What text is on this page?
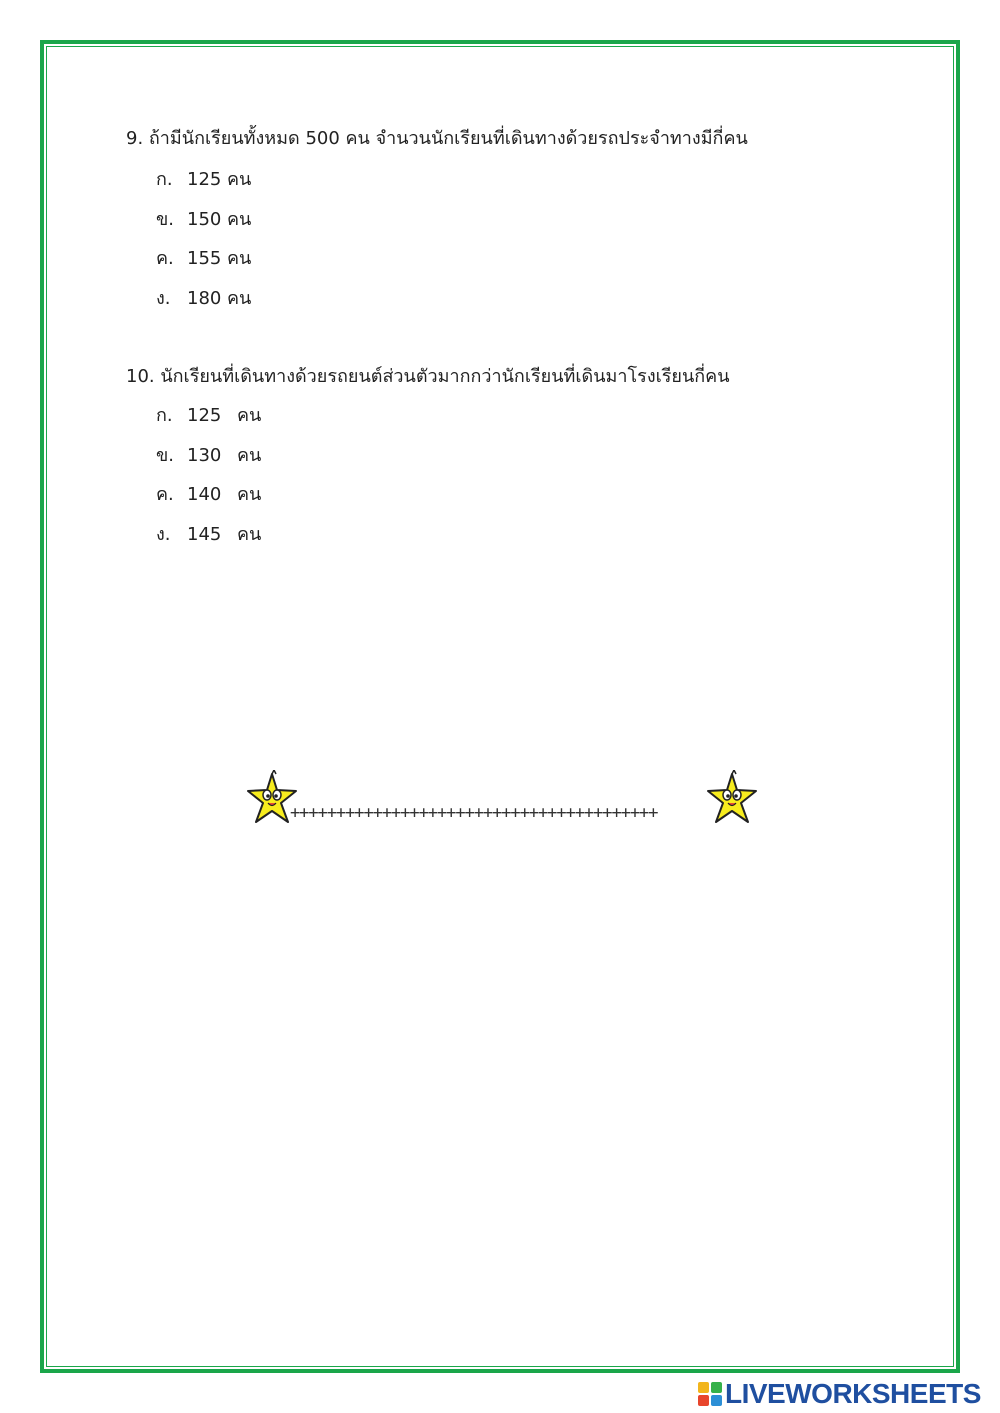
9. ถ้ามีนักเรียนทั้งหมด 500 คน จำนวนนักเรียนที่เดินทางด้วยรถประจำทางมีกี่คน
ก. 125 คน
ข. 150 คน
ค. 155 คน
ง. 180 คน
10. นักเรียนที่เดินทางด้วยรถยนต์ส่วนตัวมากกว่านักเรียนที่เดินมาโรงเรียนกี่คน
ก. 125 คน
ข. 130 คน
ค. 140 คน
ง. 145 คน
++++++++++++++++++++++++++++++++++++++++
LIVEWORKSHEETS
